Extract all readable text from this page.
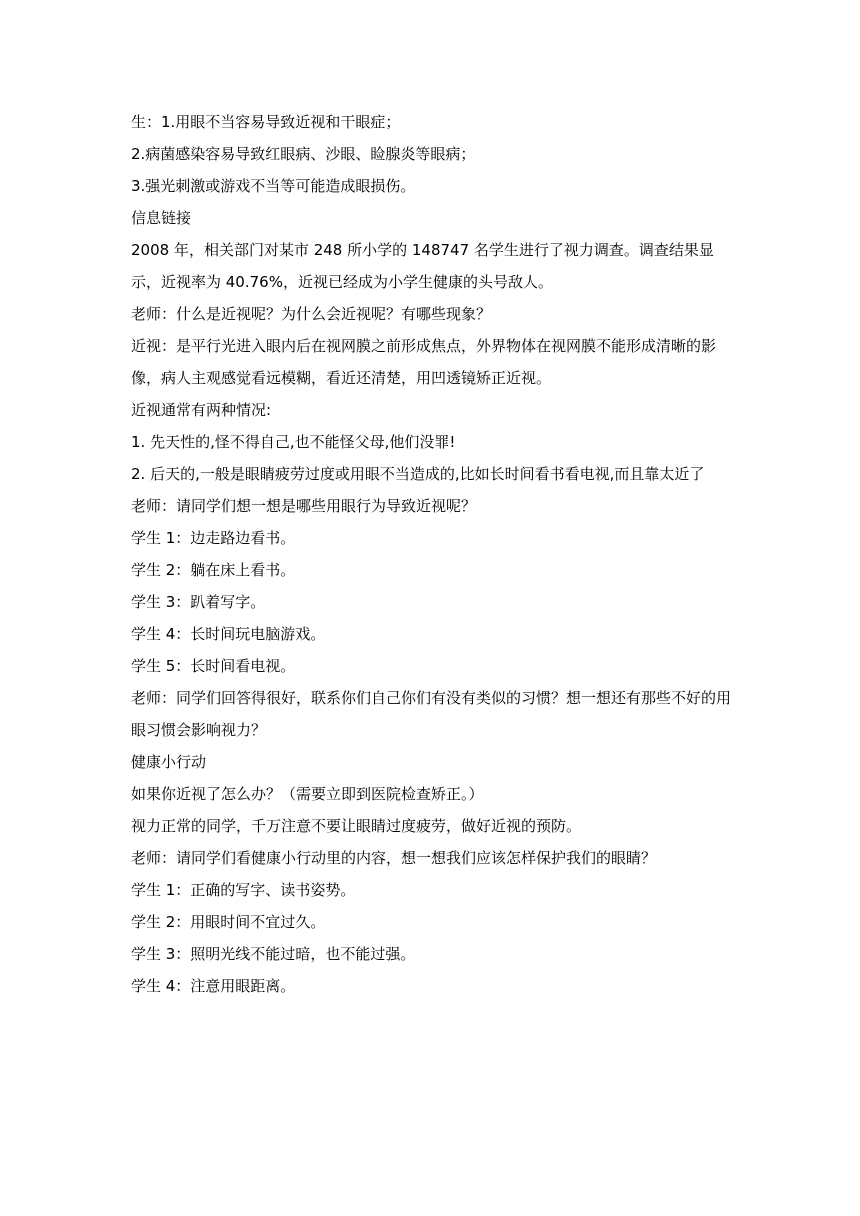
生：1.用眼不当容易导致近视和干眼症；

2.病菌感染容易导致红眼病、沙眼、睑腺炎等眼病；

3.强光刺激或游戏不当等可能造成眼损伤。

信息链接

2008 年，相关部门对某市 248 所小学的 148747 名学生进行了视力调查。调查结果显示，近视率为 40.76%，近视已经成为小学生健康的头号敌人。

老师：什么是近视呢？为什么会近视呢？有哪些现象？

近视：是平行光进入眼内后在视网膜之前形成焦点，外界物体在视网膜不能形成清晰的影像，病人主观感觉看远模糊，看近还清楚，用凹透镜矫正近视。

近视通常有两种情况:

1. 先天性的,怪不得自己,也不能怪父母,他们没罪!

2. 后天的,一般是眼睛疲劳过度或用眼不当造成的,比如长时间看书看电视,而且靠太近了

老师：请同学们想一想是哪些用眼行为导致近视呢？

学生 1：边走路边看书。

学生 2：躺在床上看书。

学生 3：趴着写字。

学生 4：长时间玩电脑游戏。

学生 5：长时间看电视。

老师：同学们回答得很好，联系你们自己你们有没有类似的习惯？想一想还有那些不好的用眼习惯会影响视力？

健康小行动

如果你近视了怎么办？（需要立即到医院检查矫正。）

视力正常的同学，千万注意不要让眼睛过度疲劳，做好近视的预防。

老师：请同学们看健康小行动里的内容，想一想我们应该怎样保护我们的眼睛？

学生 1：正确的写字、读书姿势。

学生 2：用眼时间不宜过久。

学生 3：照明光线不能过暗，也不能过强。

学生 4：注意用眼距离。
